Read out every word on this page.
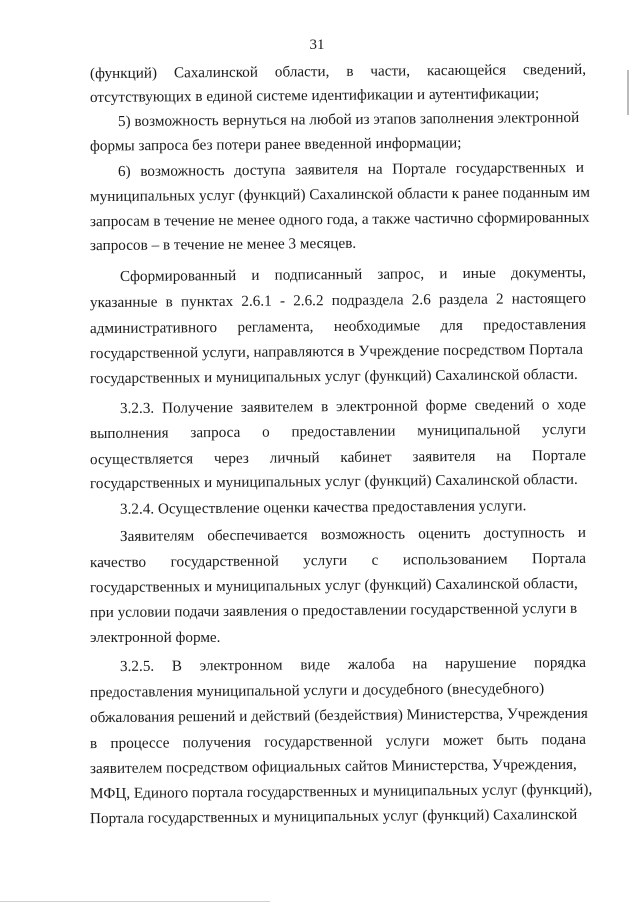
31
(функций) Сахалинской области, в части, касающейся сведений,
отсутствующих в единой системе идентификации и аутентификации;
5) возможность вернуться на любой из этапов заполнения электронной
формы запроса без потери ранее введенной информации;
6) возможность доступа заявителя на Портале государственных и
муниципальных услуг (функций) Сахалинской области к ранее поданным им
запросам в течение не менее одного года, а также частично сформированных
запросов – в течение не менее 3 месяцев.
Сформированный и подписанный запрос, и иные документы,
указанные в пунктах 2.6.1 - 2.6.2 подраздела 2.6 раздела 2 настоящего
административного регламента, необходимые для предоставления
государственной услуги, направляются в Учреждение посредством Портала
государственных и муниципальных услуг (функций) Сахалинской области.
3.2.3. Получение заявителем в электронной форме сведений о ходе
выполнения запроса о предоставлении муниципальной услуги
осуществляется через личный кабинет заявителя на Портале
государственных и муниципальных услуг (функций) Сахалинской области.
3.2.4. Осуществление оценки качества предоставления услуги.
Заявителям обеспечивается возможность оценить доступность и
качество государственной услуги с использованием Портала
государственных и муниципальных услуг (функций) Сахалинской области,
при условии подачи заявления о предоставлении государственной услуги в
электронной форме.
3.2.5. В электронном виде жалоба на нарушение порядка
предоставления муниципальной услуги и досудебного (внесудебного)
обжалования решений и действий (бездействия) Министерства, Учреждения
в процессе получения государственной услуги может быть подана
заявителем посредством официальных сайтов Министерства, Учреждения,
МФЦ, Единого портала государственных и муниципальных услуг (функций),
Портала государственных и муниципальных услуг (функций) Сахалинской
